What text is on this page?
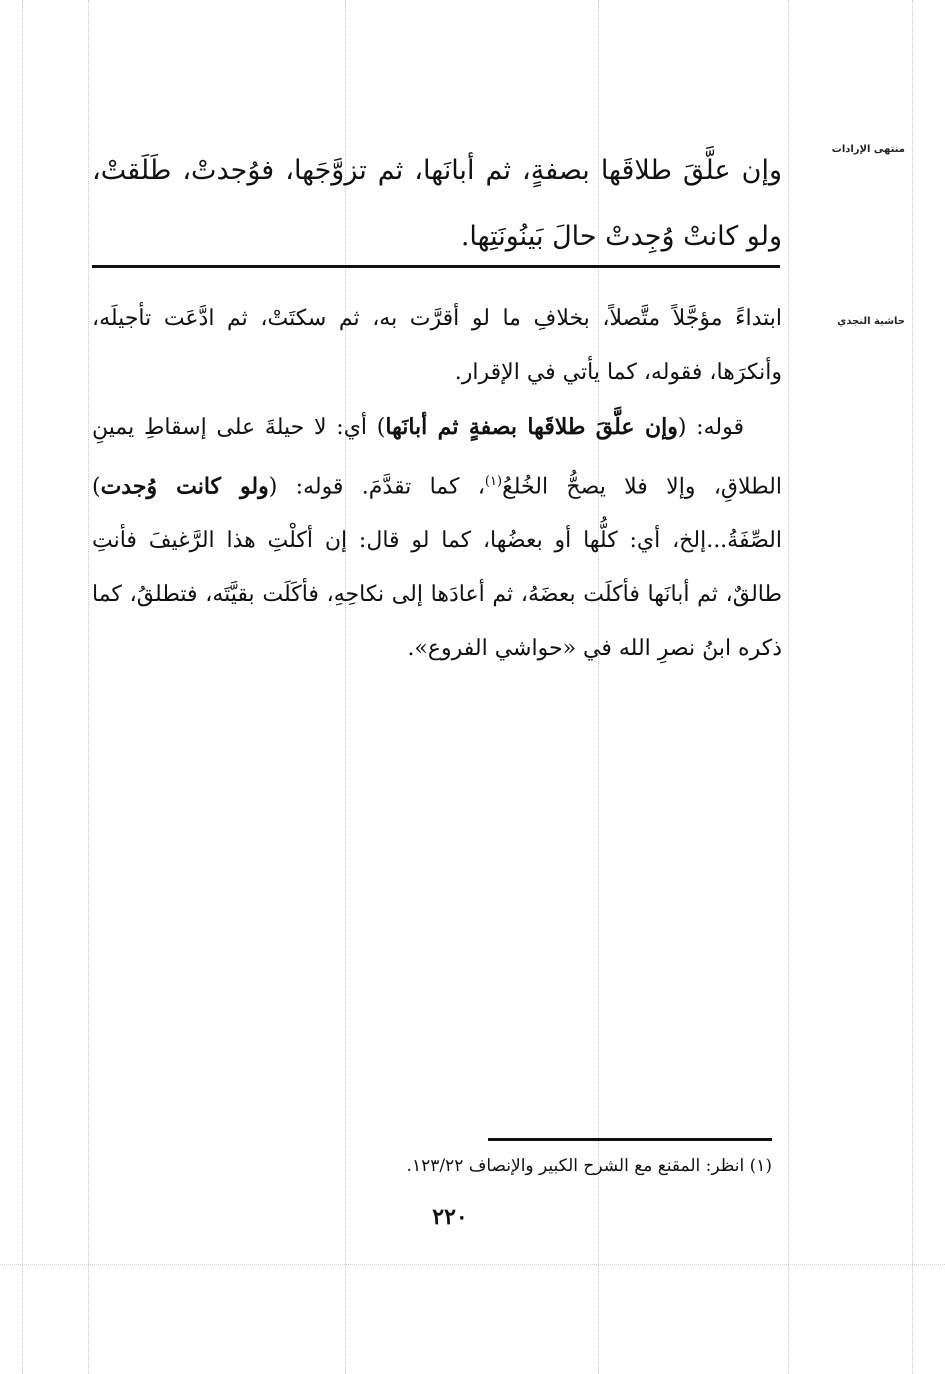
منتهى الإرادات
وإن علَّقَ طلاقَها بصفةٍ، ثم أبانَها، ثم تزوَّجَها، فوُجدتْ، طَلَقتْ، ولو كانتْ وُجِدتْ حالَ بَينُونَتِها.
حاشية النجدي

ابتداءً مؤجَّلاً متَّصلاً، بخلافِ ما لو أقرَّت به، ثم سكتَتْ، ثم ادَّعَت تأجيلَه، وأنكرَها، فقوله، كما يأتي في الإقرار.

قوله: (وإن علَّقَ طلاقَها بصفةٍ ثم أبانَها) أي: لا حيلةَ على إسقاطِ يمينِ الطلاقِ، وإلا فلا يصحُّ الخُلعُ$^{(١)}$، كما تقدَّمَ. قوله: (ولو كانت وُجدت) الصِّفَةُ...إلخ، أي: كلُّها أو بعضُها، كما لو قال: إن أكلْتِ هذا الرَّغيفَ فأنتِ طالقٌ، ثم أبانَها فأكلَت بعضَهُ، ثم أعادَها إلى نكاحِهِ، فأكَلَت بقيَّتَه، فتطلقُ، كما ذكره ابنُ نصرِ الله في «حواشي الفروع».

(١) انظر: المقنع مع الشرح الكبير والإنصاف ١٢٣/٢٢.
٢٢٠
